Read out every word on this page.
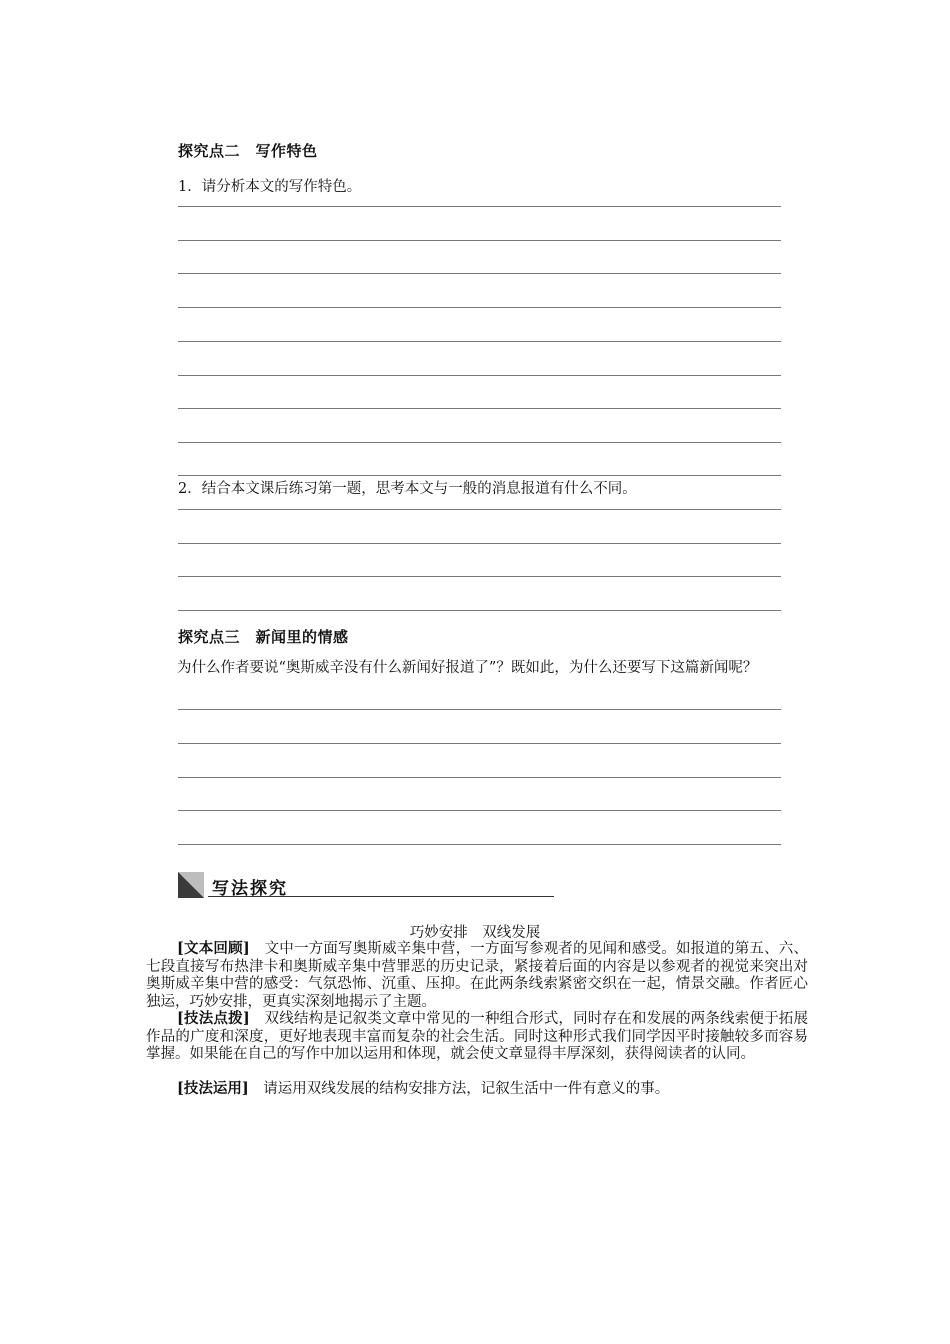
探究点二　写作特色
1．请分析本文的写作特色。
2．结合本文课后练习第一题，思考本文与一般的消息报道有什么不同。
探究点三　新闻里的情感
为什么作者要说“奥斯威辛没有什么新闻好报道了”？既如此，为什么还要写下这篇新闻呢？
写法探究
巧妙安排　双线发展
[文本回顾]　文中一方面写奥斯威辛集中营，一方面写参观者的见闻和感受。如报道的第五、六、七段直接写布热津卡和奥斯威辛集中营罪恶的历史记录，紧接着后面的内容是以参观者的视觉来突出对奥斯威辛集中营的感受：气氛恐怖、沉重、压抑。在此两条线索紧密交织在一起，情景交融。作者匠心独运，巧妙安排，更真实深刻地揭示了主题。
[技法点拨]　双线结构是记叙类文章中常见的一种组合形式，同时存在和发展的两条线索便于拓展作品的广度和深度，更好地表现丰富而复杂的社会生活。同时这种形式我们同学因平时接触较多而容易掌握。如果能在自己的写作中加以运用和体现，就会使文章显得丰厚深刻，获得阅读者的认同。
[技法运用]　请运用双线发展的结构安排方法，记叙生活中一件有意义的事。
